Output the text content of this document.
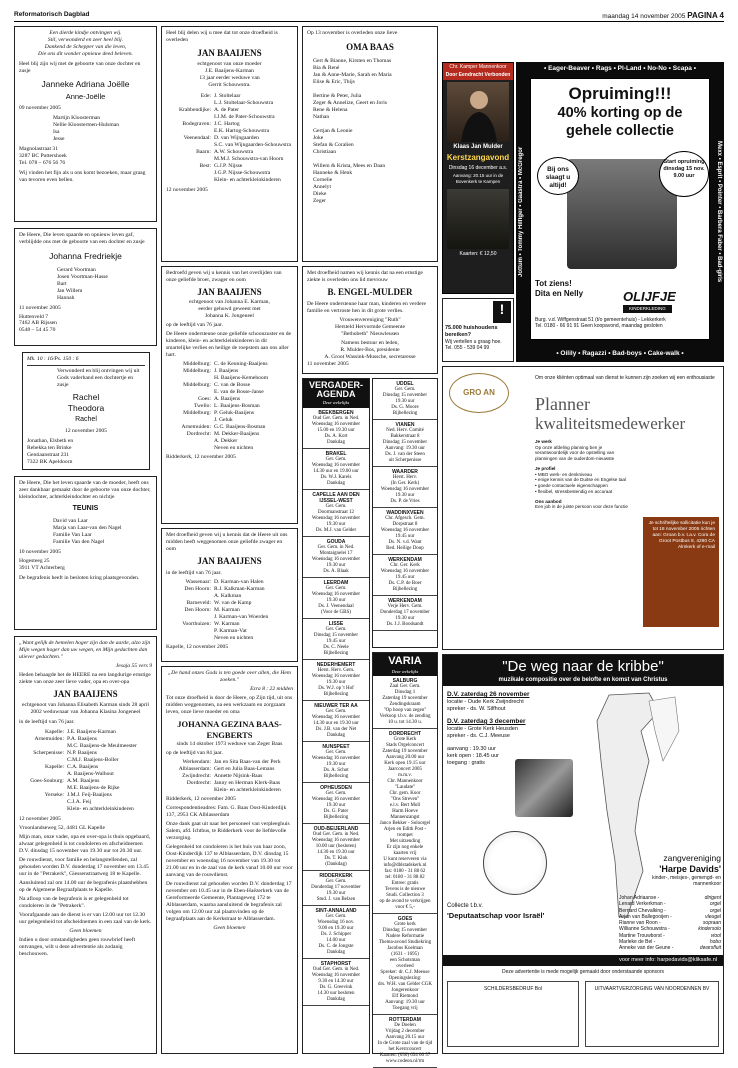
Reformatorisch Dagblad	maandag 14 november 2005 PAGINA 4
Een dierde kindje ontvingen wij.
Stil, verwonderd en zeer heel blij.
Dankend de Schepper van die leven,
Die ons dit wonder opnieuw deed beleven.

Heel blij zijn wij met de geboorte van onze dochter en zusje

Janneke Adriana Joëlle
Anne-Joëlle

09 november 2005

Martijn Kloosterman
Nellie Kloostermen-Hulsman
Isa
Jesse
Magnolastraat 31
3287 BC Puttershoek
Tel. 078 – 676 56 76

Wij vinden het fijn als u ons komt bezoeken, maar graag van tevoren even bellen.

De Heere, Die leven spaarde en opnieuw leven gaf, verblijdde ons met de geboorte van een dochter en zusje

Johanna Fredriekje
Gerard Voortman
Josen Voortman-Hasse
Bart
Jan Willem
Hannah

11 november 2005

Huttenveld 7
7462 AB Rijssen
0548 – 54 45 70
Mk. 10 : 16/Ps. 150 : 6

Verwonderd en blij ontvingen wij uit Gods vaderhand een dochtertje en zusje

Rachel
Theodora
Rachel
12 november 2005
Jonathan, Elsbeth en
Rebekka ten Brinke
Gentiaanstraat 231
7322 BK Apeldoorn

De Heere, Die het leven spaarde van de moeder, heeft ons zeer dankbaar gemaakt door de geboorte van onze dochter, kleindochter, achterkleindochter en nichtje

TEUNIS
David van Laar
Marja van Laar-van den Nagel
Familie Van Laar
Familie Van den Nagel

10 november 2005

Hogesteeg 25
3911 VT Achterberg

De begrafenis heeft in besloten kring plaatsgevonden.

„Want gelijk de hemelen hoger zijn dan de aarde, alzo zijn Mijn wegen hoger dan uw wegen, en Mijn gedachten dan uliever gedachten."

Jesaja 55 vers 9

Heden behaagde het de HEERE na een langdurige ernstige ziekte van onze zeer lieve vader, opa en over-opa

JAN BAAIJENS
echtgenoot van Johanna Elisabeth Karman sinds 28 april 2002 weduwnaar van Johanna Klasina Jongeneel

in de leeftijd van 76 jaar.

Kapelle: J.E. Baaijens-Karman
Arnemuiden: P.A. Baaijens
M.C. Baaijens-de Meulmeester
Scherpenisse: N.P. Baaijens
C.M.J. Baaijens-Boller
Kapelle: C.A. Baaijens
A. Baaijens-Walhout
Goes-Souburg: A.M. Baaijens
M.E. Baaijens-de Rijke
Yerseke: J.M.J. Feij-Baaijens
C.J.A. Feij
Klein- en achterkleinkinderen

12 november 2005

Vroonlandseweg 52, 4481 GL Kapelle

Mijn man, onze vader, opa en over-opa is thuis opgebaard, alwaar gelegenheid is tot condoleren en afscheidnemen D.V. dinsdag 15 november van 19.30 uur tot 20.30 uur.

De rouwdienst, voor familie en belangstellenden, zal gehouden worden D.V. donderdag 17 november om 13.45 uur in de "Petrakerk", Giessenstraatweg 18 te Kapelle.

Aansluitend zal om 14.00 uur de begrafenis plaatshebben op de Algemene Begraafplaats te Kapelle.

Na afloop van de begrafenis is er gelegenheid tot condoleren in de "Petrakerk".

Voorafgaande aan de dienst is er van 12.00 uur tot 12.30 uur gelegenheid tot afscheidnemen in een zaal van de kerk.

Geen bloemen

Indien u door omstandigheden geen rouwbrief heeft ontvangen, wilt u deze advertentie als zodanig beschouwen.

Heel blij delen wij u mee dat tot onze droefheid is overleden

JAN BAAIJENS
echtgenoot van onze moeder
J.E. Baaijens-Karman
13 jaar eerder weduwe van
Gerrit Schouwstra.
Ede: J. Stoltelaar
L.J. Stoltelaar-Schouwstra
Krabbendijke: A. de Pater
I.J.M. de Pater-Schouwstra
Bodegraven: J.C. Hartog
E.K. Hartog-Schouwstra
Veenendaal: D. van Wijngaarden
S.C. van Wijngaarden-Schouwstra
Baarn: A.W. Schouwstra
M.M.J. Schouwstra-van Hoorn
Best: G.J.P. Nijsse
J.G.P. Nijsse-Schouwstra
Klein- en achterkleinkinderen

12 november 2005

Bedroefd geven wij u kennis van het overlijden van onze geliefde broer, zwager en oom

JAN BAAIJENS
echtgenoot van Johanna E. Karman,
eerder gehuwd geweest met
Johanna K. Jongeneel

op de leeftijd van 76 jaar.

De Heere ondersteune onze geliefde schoonzuster en de kinderen, klein- en achterkleinkinderen in dit smartelijke verlies en heilige de roepstem aan ons aller hart.

Middelburg: C. de Keuning-Baaijens
Middelburg: J. Baaijens
H. Baaijens-Kemeboom
Middelburg: C. van de Bosse
E. van de Bosse-Janse
Goes: A. Baaijens
Twello: L. Baaijens-Bosman
Middelburg: P. Geluk-Baaijens
J. Geluk
Arnemuiden: G.C. Baaijens-Bosman
Dordrecht: M. Dekker-Baaijens
A. Dekker
Neven en nichten

Ridderkerk, 12 november 2005

Met droefheid geven wij u kennis dat de Heere uit ons midden heeft weggenomen onze geliefde zwager en oom

JAN BAAIJENS

in de leeftijd van 76 jaar.

Wassenaar: D. Karman-van Halen
Den Hoorn: R.J. Kalkman-Karman
A. Kalkman
Barneveld: W. van de Kamp
Den Hoorn: M. Karman
J. Karman-van Woerden
Voorthuizen: W. Karman
P. Karman-Vat
Neven en nichten

Kapelle, 12 november 2005

„De hand onzes Gods is ten goede over allen, die Hem zoeken."

Ezra 8 : 22 midden

Tot onze droefheid is door de Heere, op Zijn tijd, uit ons midden weggenomen, na een werkzaam en zorgzaam leven, onze lieve moeder en oma

JOHANNA GEZINA BAAS-ENGBERTS
sinds 14 oktober 1973 weduwe van Zeger Baas

op de leeftijd van 84 jaar.

Werkendam: Jan en Sita Baas-van der Perk
Alblasserdam: Gert en Julia Baas-Lemans
Zwijndrecht: Annette Nijsink-Baas
Dordrecht: Janny en Herman Klerk-Baas
Klein- en achterkleinkinderen

Ridderkerk, 12 november 2005

Correspondentieadres: Fam. G. Baas Oost-Kinderdijk 137, 2953 CK Alblasserdam

Onze dank gaat uit naar het personeel van verpleeghuis Salem, afd. Ichthus, te Ridderkerk voor de liefdevolle verzorging.

Gelegenheid tot condoleren is het huis van haar zoon, Oost-Kinderdijk 137 te Alblasserdam, D.V. dinsdag 15 november en woensdag 16 november van 19.30 tot 21.00 uur en in de zaal van de kerk vanaf 10.00 uur voor aanvang van de rouwdienst.

De rouwdienst zal gehouden worden D.V. donderdag 17 november om 10.45 uur in de Eben-Haëzerkerk van de Gereformeerde Gemeente, Plantageweg 172 te Alblasserdam, waarna aansluitend de begrafenis zal volgen om 12.00 uur zal plaatsvinden op de begraafplaats aan de Kerkstraat te Alblasserdam.

Geen bloemen

Op 13 november is overleden onze lieve

OMA BAAS
Gert & Bianne, Kirsten en Thomas
Bia & René
Jan & Anne-Marie, Sarah en Maria
Elise & Eric, Thijs

Bertine & Peter, Julia
Zeger & Annelize, Geert en Joris
Rene & Helena
Nathan

Gertjan & Leonie
Joke
Stefan & Coralien
Christiaan

Willem & Krista, Mees en Daan
Hanneke & Henk
Cornelie
Annelyt
Dieke
Zeger

Met droefheid namen wij kennis dat na een ernstige ziekte is overleden ons lid mevrouw

B. ENGEL-MULDER

De Heere ondersteune haar man, kinderen en verdere familie en vertroste hen in dit grote verlies.

Vrouwenvereniging "Ruth"
Hersteld Hervormde Gemeente
"Bethobeth" Nieuwleusen
Namens bestuur en leden,
R. Mulder-Bos, presidente
A. Groot Wassink-Mussche, secretaresse

11 november 2005

VERGADER-AGENDA
Deze wekelijks
BEEKBERGEN
Oud Ger. Gem. in Ned.
Woensdag 16 november
15.00 en 19.30 uur
Ds. A. Kort
Dankdag
BRAKEL
Ger. Gem.
Woensdag 16 november
14.30 uur en 19.00 uur
Ds. W.J. Karels
Dankdag
CAPELLE AAN DEN IJSSEL-WEST
Ger. Gem.
Doormanstraat 12
Woensdag 16 november
19.30 uur
Ds. M.J. van Gelder
GOUDA
Ger. Gem. in Ned.
Montaignelei 17
Woensdag 16 november
19.30 uur
Ds. A. Blaak
LEERDAM
Ger. Gem.
Woensdag 16 november
19.30 uur
Ds. J. Veenendaal
(Voor de GBS)
LISSE
Ger. Gem.
Dinsdag 15 november
19.45 uur
Ds. C. Neele
Bijbellezing
NEDERHEMERT
Herst. Herv. Gem.
Woensdag 16 november
19.30 uur
Ds. W.J. op 't Hof
Bijbellezing
NIEUWER TER AA
Ger. Gem.
Woensdag 16 november
14.30 uur en 19.30 uur
Ds. J.B. van der Net
Dankdag
NUNSPEET
Ger. Gem.
Woensdag 16 november
19.30 uur
Ds. A. Schot
Bijbellezing
OPHEUSDEN
Ger. Gem.
Woensdag 16 november
19.30 uur
Ds. G. Pater
Bijbellezing
OUD-BEIJERLAND
Oud Ger. Gem. in Ned.
Woensdag 16 november
10.00 uur (besloten)
14.30 en 19.30 uur
Ds. T. Klok
(Dankdag)
RIDDERKERK
Ger. Gem.
Donderdag 17 november
19.30 uur
Stud. J. van Belzen
SINT-ANNALAND
Ger. Gem.
Woensdag 16 nov.
9.00 en 19.30 uur
Ds. J. Schipper
14.00 uur
Ds. C. de Jongste
Dankdag
STAPHORST
Oud Ger. Gem. in Ned.
Woensdag 16 november
9.30 en 14.30 uur
Ds. G. Greevink
14.30 uur besloten
Dankdag
UDDEL
Ger. Gem.
Dinsdag 15 november
19.30 uur
Ds. G. Moore
Bijbellezing
VIANEN
Ned. Herv. Comité
Bakkerstraat 8
Dinsdag 15 november
Aanvang: 19.30 uur
Ds. J. van der Steen
uit Scherpenisse
WAARDER
Herst. Herv.
(In Ger. Kerk)
Woensdag 16 november
19.30 uur
Ds. P. de Vries
WADDINXVEEN
Chr. Afgesch. Gem.
Dorpstraat 8
Woensdag 16 november
19.45 uur
Ds. N. v.d. Want
Bed. Heilige Doop
WERKENDAM
Chr. Ger. Kerk
Woensdag 16 november
19.45 uur
Ds. C.P. de Boer
Bijbellezing
WERKENDAM
Verje Herv. Gem.
Donderdag 17 november
19.30 uur
Ds. J.J. Boodsandt
VARIA
Deze wekelijks
SALBURG
Zaal Ger. Gem.
Dinsdag 1
Zaterdag 19 november
Zendingskraam
"Op hoop van zegen"
Verkoop t.b.v. de zending
10 u. tot 14.30 u.
DORDRECHT
Grote Kerk
Stads Orgelconcert
Zaterdag 19 november
Aanvang 20.00 uur
Kerk open 19.15 uur
Jaarconcert 2005
m.m.v.
Chr. Mannenkoor
"Laudate"
Chr. gem. Koor
"Ons Streven"
e.l.v. Bert Moll
Harm Hoeve
Mannenzangst
Janco Bekker - Soloorgel
Arjen en Edith Post -
trompet
Met uitzending
Er zijn nog enkele
kaarten vrij
U kunt reserveren via
info@dblstadskerk.nl
fax: 0180 - 31 88 62
tel: 0180 - 31 88 82
Entree: gratis
Tevens is de nieuwe
Studi. Collection 3
op de avond te verkrijgen
voor € 5,-
GOES
Grote kerk
Dinsdag 15 november
Nadere Reformatie
Thema-avond Studiekring
Jacobus Koelman
(1631 - 1695)
een Schotsman
overleed
Spreker: dr. C.J. Meeuse
Openingslezing:
drs. W.H. van Gelder CGK
Jongerenkoor
Elf Riemond
Aanvang: 19.30 uur
Toegang vrij
ROTTERDAM
De Doelen
Vrijdag 2 december
Aanvang 20.15 uur
In de Grote zaal van de tijd
het Kerstconcert
Kaarten: (030) 634 66 57
www.codeon.nl/rm
Chr. Kamper Mannenkoor
Door Eendracht Verbonden
Klaas Jan Mulder
Kerstzangavond
Dinsdag 16 december a.s.
Aanvang: 20.15 uur in de Bovenkerk te Kampen
Kaarten: € 12,50
• Eager-Beaver • Rags • Pl-Land • No-No • Scapa •
Jottum • Tommy Hilfiger • Gaastra • McGregor	Mexx • Esprit • Pointer • Barbera Faber • Bad-girls
Opruiming!!!
40% korting op de
gehele collectie
Bij ons slaagt u altijd!
Start opruiming dinsdag 15 nov. 9.00 uur
Tot ziens!
Dita en Nelly	OLIJFJE
KINDERKLEDING
Burg. v.d. Wiffgenstraat 51 (t/o gemeentehuis) - Lekkerkerk
Tel. 0180 - 66 91 91 Geen koopavond, maandag gesloten
• Oilily • Ragazzi • Bad-boys • Cake-walk •
!
75.000 huishoudens bereiken?
Wij vertellen u graag hoe.
Tel. 055 - 539 04 99
GRO AN
Om onze kliënten optimaal van dienst te kunnen zijn zoeken wij een enthousiaste
Planner
kwaliteitsmedewerker
Je werk
Op onze afdeling planning ben je verantwoordelijk voor de opstelling van planningen van de ouderdom-nieuwste
Je profiel
• MBO werk- en denkniveau
• enige kennis van de Duitse en Engelse taal
• goede contactuele eigenschappen
• flexibel, stressbestendig en accuraat
Ons aanbod
Een job in de juiste persoon voor deze functie
Je schriftelijke sollicitatie kun je tot 18 november 2005 richten aan: Groan b.v. t.a.v. Cora de Groot Postbus 8, 4290 CA Almkerk of e-mail
"De weg naar de kribbe"
muzikale compositie over de belofte en komst van Christus
D.V. zaterdag 26 november
locatie - Oude Kerk Zwijndrecht
spreker - ds. W. Silfhout
D.V. zaterdag 3 december
locatie - Grote Kerk Heusden
spreker - ds. C.J. Meeuse
aanvang : 19.30 uur
kerk open : 18.45 uur
toegang : gratis
zangvereniging
'Harpe Davids'
kinder-, meisjes-, gemengd- en mannenkoor
Johan Adriaanse -	dirigent
Lenard Verkerkman -	orgel
Bernard Chevalking -	orgel
Arjan van Ballegooijen -	vleugel
Rianne van Roon -	sopraan
Willianne Schouwstra -	kindersolo
Martine Trouwborst -	viool
Marleke de Bel -	hobo
Anneke van der Geune -	dwarsfluit
Collecte t.b.v.
'Deputaatschap voor Israël'
voor meer info: harpedavids@kliksafe.nl
Deze advertentie is mede mogelijk gemaakt door onderstaande sponsors
SCHILDERSBEDRIJF Bol	UITVAARTVERZORGING VAN NOORDENNEN BV
